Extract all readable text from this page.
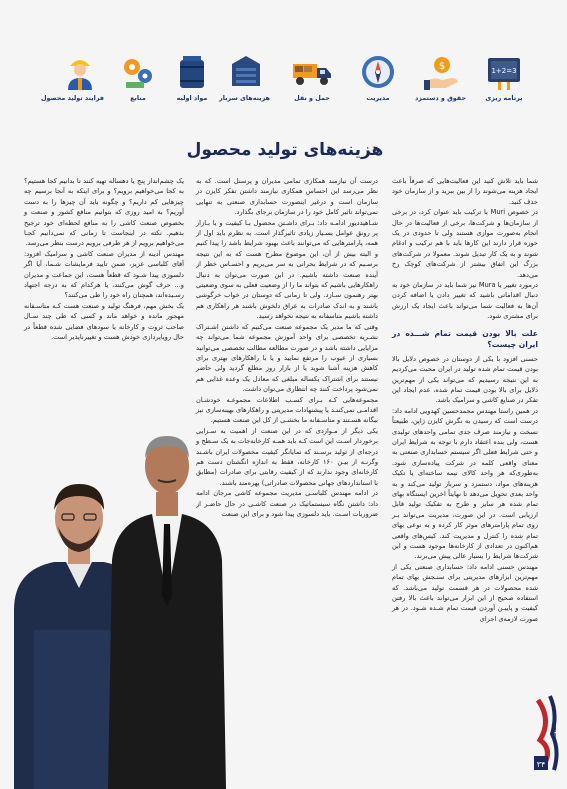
1+2=3
برنامه ریزی
$
حقوق و دستمزد
مدیریت
حمل و نقل
هزینه‌های سربار
مواد اولیه
منابع
فرایند تولید محصول
هزینه‌های تولید محصول

شما باید تلاش کنید این فعالیت‌هایی که صرفاً باعث ایجاد هزینه می‌شوند را از بین ببرید و از سازمان خود حذف کنید.

در خصوص Muri یا ترکیب باید عنوان کرد، در برخی از سازمان‌ها و شرکت‌ها، برخی از فعالیت‌ها در حال انجام به‌صورت موازی هستند ولی تا حدودی در یک حوزه قرار دارند این کارها باید با هم ترکیب و ادغام شوند و به یک کار تبدیل شوند. معمولا در شرکت‌های بزرگ این اتفاق بیشتر از شرکت‌های کوچک رخ می‌دهد.

درمورد تغییر یا Mura نیز شما باید در سازمان خود به دنبال اقداماتی باشید که تغییر دادن یا اضافه کردن آن‌ها به فعالیت شما می‌تواند باعث ایجاد یک ارزش برای مشتری شود.

علت بالا بودن قیمت تمام شـــده در ایران چیست؟

حسنی افزود با یکی از دوستان در خصوص دلایل بالا بودن قیمت تمام شده تولید در ایران محبت می‌کردیم به این نتیجه رسیدیم که می‌تواند یکی از مهم‌ترین دلایل برای بالا بودن قیمت تمام شده، عدم ایجاد این تفکر در صنایع کاشی و سرامیک باشد.

در همین راستا مهندس محمدحسین کهدویی ادامه داد: درست است که رسیدن به نگرش کایزن ژاپن، طبیعتاً نسخت و نیازمند صرف جدی تمامی واحدهای تولیدی هست، ولی بنده اعتقاد دارم با توجه به شرایط ایران و حتی شرایط فعلی اگر سیستم حسابداری صنعتی به معنای واقعی کلمه در شرکت پیاده‌سازی شود. به‌طوری‌که هر واحد کالای نیمه ساخته‌ای یا تکیک هزینه‌های مواد، دستمزد و سربار تولید می‌کند و به واحد بعدی تحویل می‌دهد تا نهایتاً اخرین ایستگاه بهای تمام شده هر سایز و طرح به تفکیک تولید قابل ارزیابی است. در این صورت، مدیریت می‌تواند بـر روی تمام پارامترهای موثر کار کرده و به نوعی بهای تمام شده را کنترل و مدیریت کند. کیس‌های واقعی هم‌اکنون در تعدادی از کارخانه‌ها موجود هست و این شرکت‌ها شرایط را بسیار عالی پیش می‌برند.

مهندس حسنی ادامه داد: حسابداری صنعتی یکی از مهم‌ترین ابزارهای مدیریتی برای سنـجش بهای تمام شده محصولات در هر قسمت تولید می‌باشد. که استفاده صحیح از این ابزار می‌تواند باعث بالا رفتن کیفیت و پاییـن آوردن قیمت تمام شـده شـود. در هر صورت لازمه‌ی اجرای

درست آن نیازمند همکاری تمامی مدیران و پرسنل است. که به نظر می‌رسد این احساس همکاری نیازمند داشتن تفکر کایزن در سازمان است و درغیر اینصورت حسابداری صنعتی به تنهایی نمی‌تواند تاثیر کامل خود را در سازمان برجای بگذارد.

شـاهیددیور ادامـه داد: بـرای داشـتن محصول بـا کیفیت و یا بـازار پر رونق عوامل بسـیار زیادی تاثیرگذار است. به نظرم باید اول از همه، پارامترهایی که می‌توانند باعث بهبود شرایط باشد را پیدا کنیم و البته بیش از آن، این موضوع مطرح هست که به این نتیجه برسـیم که در شرایط بحرانی به سر می‌بریم و احسـاس خطر از آینده صنعت داشته باشیم. در این صورت می‌توان به دنبال راهکارهایی باشیم که بتواند ما را از وضعیت فعلی به سوی وضعیتی بهتر رهنمون سـازد. ولی تا زمانی که دوستان در خواب خرگوشی باشند و به اندک صادرات به عراق دلخوش باشند هر راهکاری هم داشته باشیم متاسفانه به نتیجه نخواهد رسید.

وقتی که ما مدیر یک مجموعه صنعت می‌کنیم که داشتن اشـتراک نشـریه تخصصی برای واحد آموزش مجموعه شما می‌تواند چه مزایایی داشته باشد و در صورت مطالعه مطالب تخصصی می‌توانید بسیاری از عیوب را مرتفع نمایید و یا با راهکارهای بهتری برای کاهش هزینه آشنا شوید یا از بازار روز مطلع گردید ولی حاضر نیستند برای اشتراک یکساله مبلغی که معادل یک وعده غذایی هم نمی‌شود پرداخت کنند چه انتظاری می‌توان داشت.

مجموعه‌هایی کـه بـرای کسـب اطلاعات مجموعـه خودشـان اقدامـی نمی‌کننـد یا پیشنهادات مدیریتی و راهکارهای بهینه‌سازی نیز بیگانه هسـتند و متاسـفانه ما بخشـی از کل این صنعت هستیم.

یکی دیگر از مـواردی که در این صنعت از اهمیت به سـزایی برخوردار اسـت این است کـه باید همـه کارخانه‌جات به یک سـطح و درجه‌ای از تولید برسـند که نمایانگر کیفیت محصولات ایران باشـند وگرنـه از بیـن ۱۶۰ کارخانه، فقط به اندازه انگشتان دست هم کارخانه‌ای وجود ندارند که از کیفیت رقابتی برای صادرات (مطابق با استانداردهای جهانی محصولات صادراتی) بهره‌مند باشند.

در ادامه مهندس کلباسـی مدیریت مجموعه کاشی مرجان ادامه داد: داشتن نگاه سیستماتیک در صنعت کاشـی در حال حاضـر از ضروریات اسـت. باید دلسوزی پیدا شود و برای این صنعت

یک چشم‌انداز پنج یا دهساله تهیه کنند تا بدانیم کجا هستیم؟ به کجا می‌خواهیم برویم؟ و برای اینکه به آنجا برسیم چه چیزهایی کم داریم؟ و چگونه باید آن چیزها را به دست آوریم؟ به امید روزی که بتوانیم منافع کشور و صنعت و بخصوص صنعت کاشی را به منافع لحظه‌ای خود ترجیح بدهیم. نکته در اینجاست تا زمانی که نمی‌دانیم کجـا می‌خواهیم برویم از هر طرفی برویم درست بنظر می‌رسد.

مهندس آدینه از مدیران صنعت کاشی و سرامیک افزود: آقای کلباسی عزیز، ضمن تایید فرمایشات شـما، آیا اگر دلسوزی پیدا شـود که قطعاً هست، این جماعت و مدیران و... حرف گوش می‌کنند، یا هرکدام که به درجه اجتهاد رسـیده‌اند، همچنان راه خود را طی می‌کنند؟

یک بخش مهم، فرهنگ تولید و صنعت هست کـه متاسـفانه مهجور مانده و خواهد ماند و کسی که طی چند سـال صاحب ثروت و کارخانه یا سودهای فضایی شده قطعاً در حال رویاپردازی خودش هست و تغییرناپذیر است.

۳۴
ماهنامه
